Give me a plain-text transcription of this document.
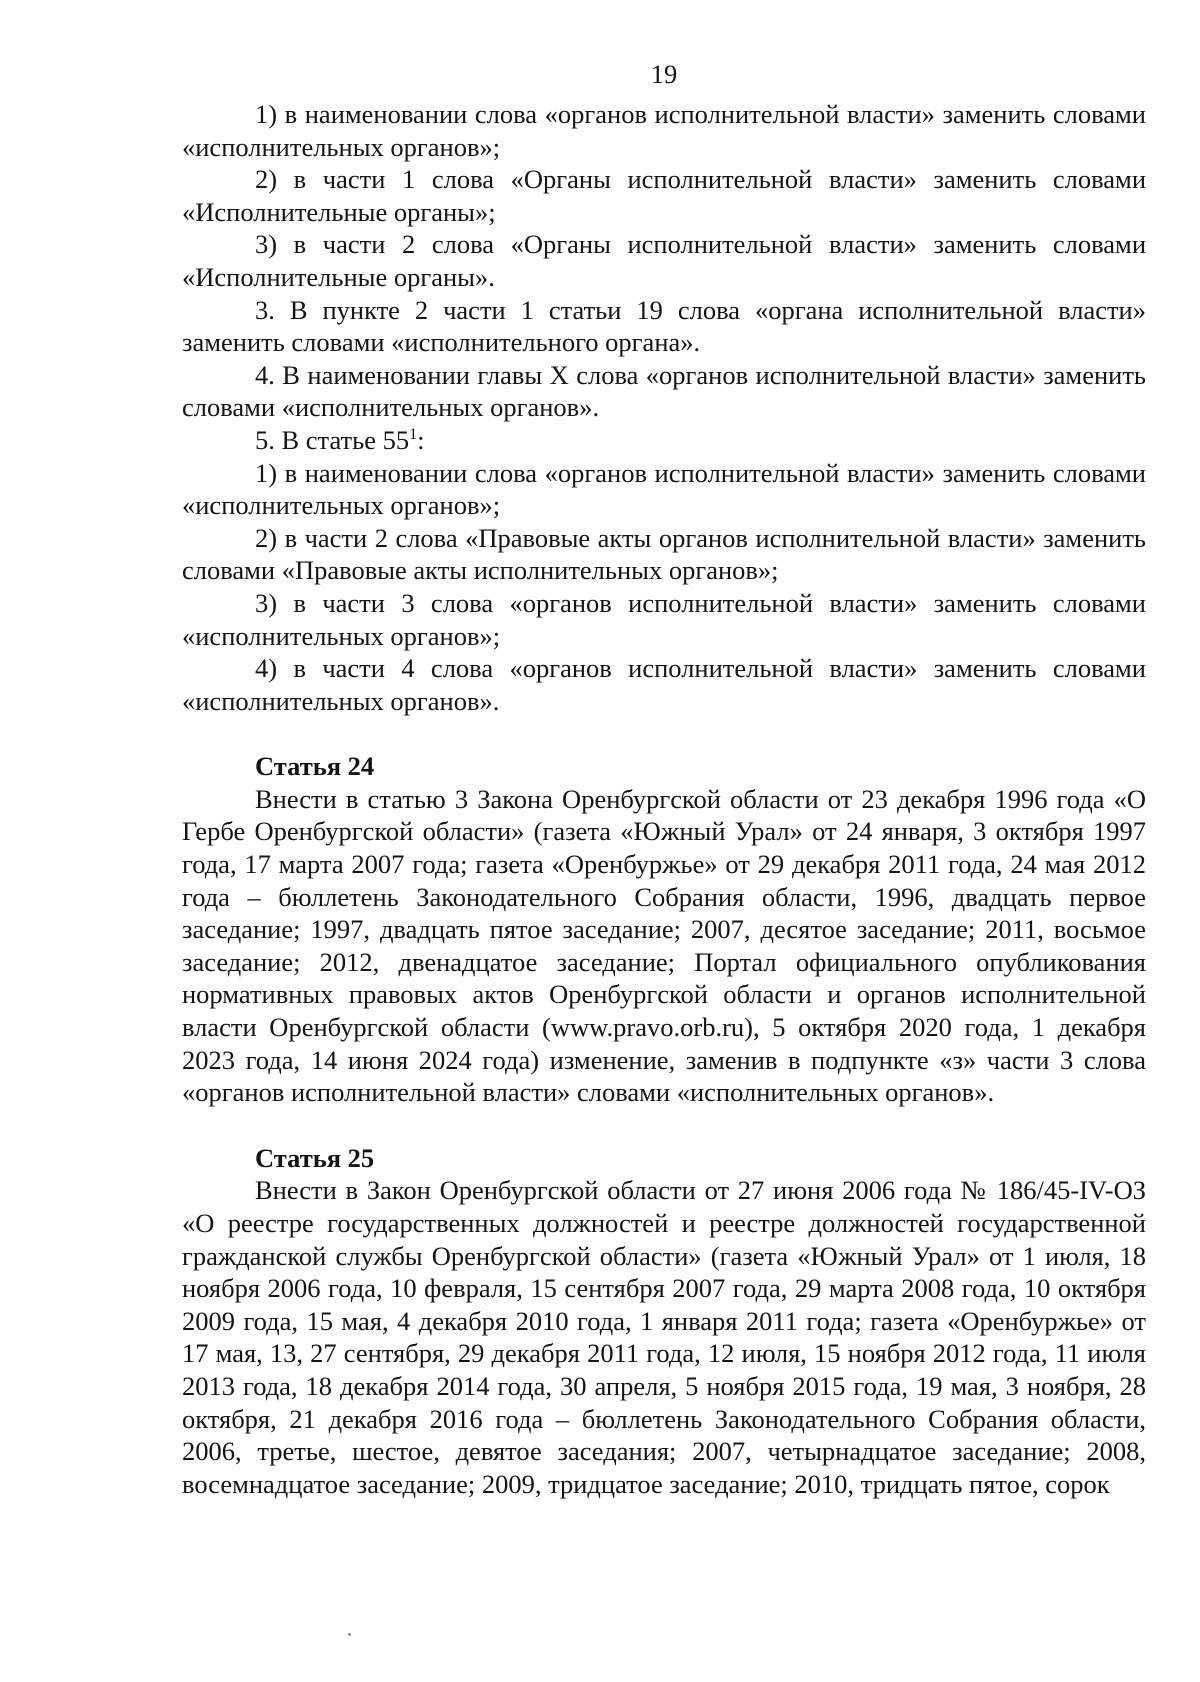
19

1) в наименовании слова «органов исполнительной власти» заменить словами «исполнительных органов»;

2) в части 1 слова «Органы исполнительной власти» заменить словами «Исполнительные органы»;

3) в части 2 слова «Органы исполнительной власти» заменить словами «Исполнительные органы».

3. В пункте 2 части 1 статьи 19 слова «органа исполнительной власти» заменить словами «исполнительного органа».

4. В наименовании главы X слова «органов исполнительной власти» заменить словами «исполнительных органов».

5. В статье $55^1$:

1) в наименовании слова «органов исполнительной власти» заменить словами «исполнительных органов»;

2) в части 2 слова «Правовые акты органов исполнительной власти» заменить словами «Правовые акты исполнительных органов»;

3) в части 3 слова «органов исполнительной власти» заменить словами «исполнительных органов»;

4) в части 4 слова «органов исполнительной власти» заменить словами «исполнительных органов».

Статья 24

Внести в статью 3 Закона Оренбургской области от 23 декабря 1996 года «О Гербе Оренбургской области» (газета «Южный Урал» от 24 января, 3 октября 1997 года, 17 марта 2007 года; газета «Оренбуржье» от 29 декабря 2011 года, 24 мая 2012 года – бюллетень Законодательного Собрания области, 1996, двадцать первое заседание; 1997, двадцать пятое заседание; 2007, десятое заседание; 2011, восьмое заседание; 2012, двенадцатое заседание; Портал официального опубликования нормативных правовых актов Оренбургской области и органов исполнительной власти Оренбургской области (www.pravo.orb.ru), 5 октября 2020 года, 1 декабря 2023 года, 14 июня 2024 года) изменение, заменив в подпункте «з» части 3 слова «органов исполнительной власти» словами «исполнительных органов».

Статья 25

Внести в Закон Оренбургской области от 27 июня 2006 года № 186/45-IV-ОЗ «О реестре государственных должностей и реестре должностей государственной гражданской службы Оренбургской области» (газета «Южный Урал» от 1 июля, 18 ноября 2006 года, 10 февраля, 15 сентября 2007 года, 29 марта 2008 года, 10 октября 2009 года, 15 мая, 4 декабря 2010 года, 1 января 2011 года; газета «Оренбуржье» от 17 мая, 13, 27 сентября, 29 декабря 2011 года, 12 июля, 15 ноября 2012 года, 11 июля 2013 года, 18 декабря 2014 года, 30 апреля, 5 ноября 2015 года, 19 мая, 3 ноября, 28 октября, 21 декабря 2016 года – бюллетень Законодательного Собрания области, 2006, третье, шестое, девятое заседания; 2007, четырнадцатое заседание; 2008, восемнадцатое заседание; 2009, тридцатое заседание; 2010, тридцать пятое, сорок
